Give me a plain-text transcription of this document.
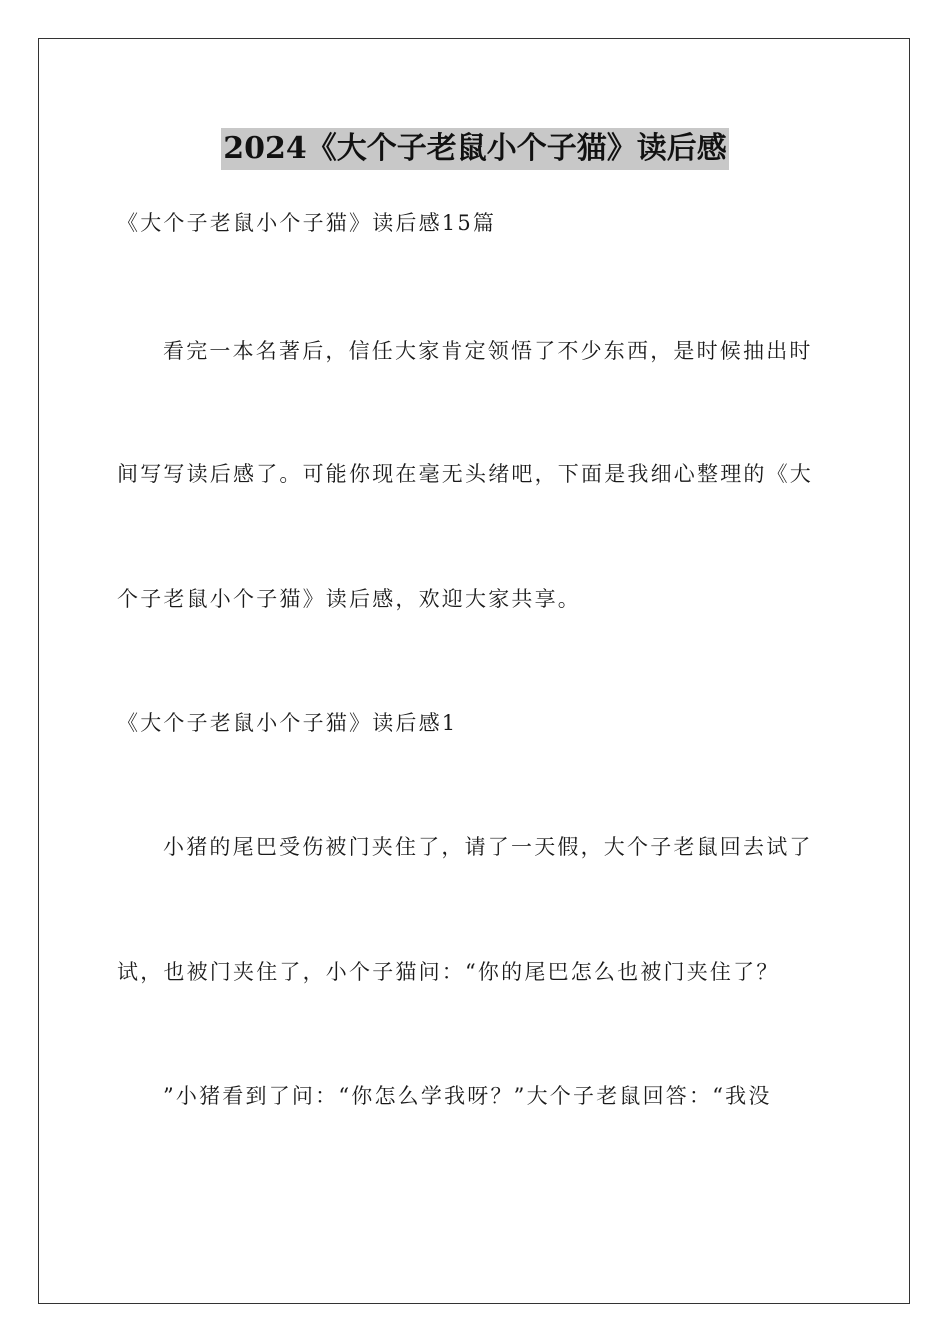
2024《大个子老鼠小个子猫》读后感
《大个子老鼠小个子猫》读后感15篇
看完一本名著后，信任大家肯定领悟了不少东西，是时候抽出时
间写写读后感了。可能你现在毫无头绪吧，下面是我细心整理的《大
个子老鼠小个子猫》读后感，欢迎大家共享。
《大个子老鼠小个子猫》读后感1
小猪的尾巴受伤被门夹住了，请了一天假，大个子老鼠回去试了
试，也被门夹住了，小个子猫问：“你的尾巴怎么也被门夹住了？
”小猪看到了问：“你怎么学我呀？”大个子老鼠回答：“我没
